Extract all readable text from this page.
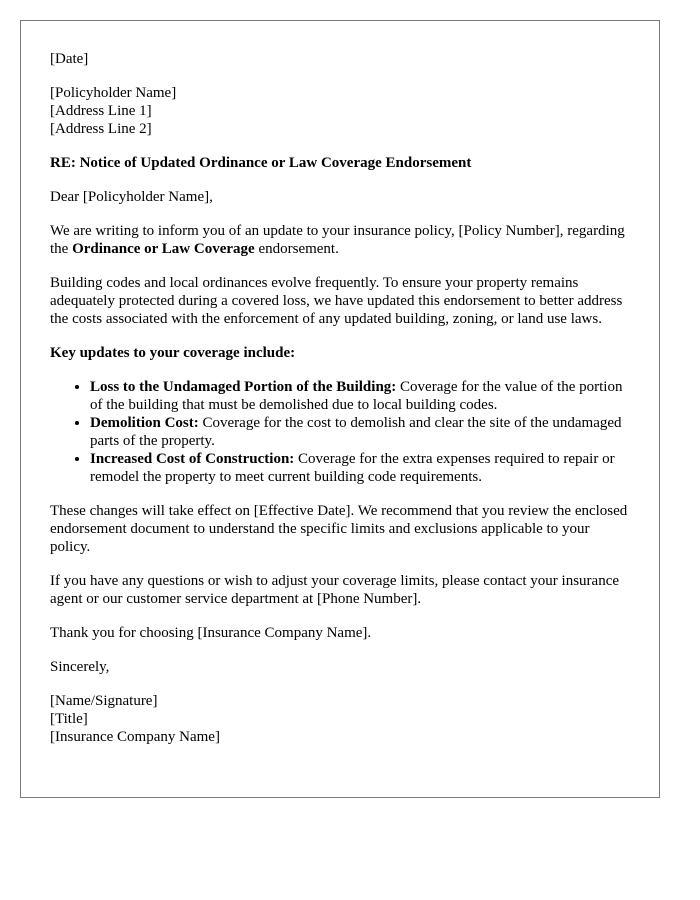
[Date]

[Policyholder Name]
[Address Line 1]
[Address Line 2]

RE: Notice of Updated Ordinance or Law Coverage Endorsement

Dear [Policyholder Name],

We are writing to inform you of an update to your insurance policy, [Policy Number], regarding the Ordinance or Law Coverage endorsement.

Building codes and local ordinances evolve frequently. To ensure your property remains adequately protected during a covered loss, we have updated this endorsement to better address the costs associated with the enforcement of any updated building, zoning, or land use laws.

Key updates to your coverage include:

• Loss to the Undamaged Portion of the Building: Coverage for the value of the portion of the building that must be demolished due to local building codes.
• Demolition Cost: Coverage for the cost to demolish and clear the site of the undamaged parts of the property.
• Increased Cost of Construction: Coverage for the extra expenses required to repair or remodel the property to meet current building code requirements.

These changes will take effect on [Effective Date]. We recommend that you review the enclosed endorsement document to understand the specific limits and exclusions applicable to your policy.

If you have any questions or wish to adjust your coverage limits, please contact your insurance agent or our customer service department at [Phone Number].

Thank you for choosing [Insurance Company Name].

Sincerely,

[Name/Signature]
[Title]
[Insurance Company Name]
